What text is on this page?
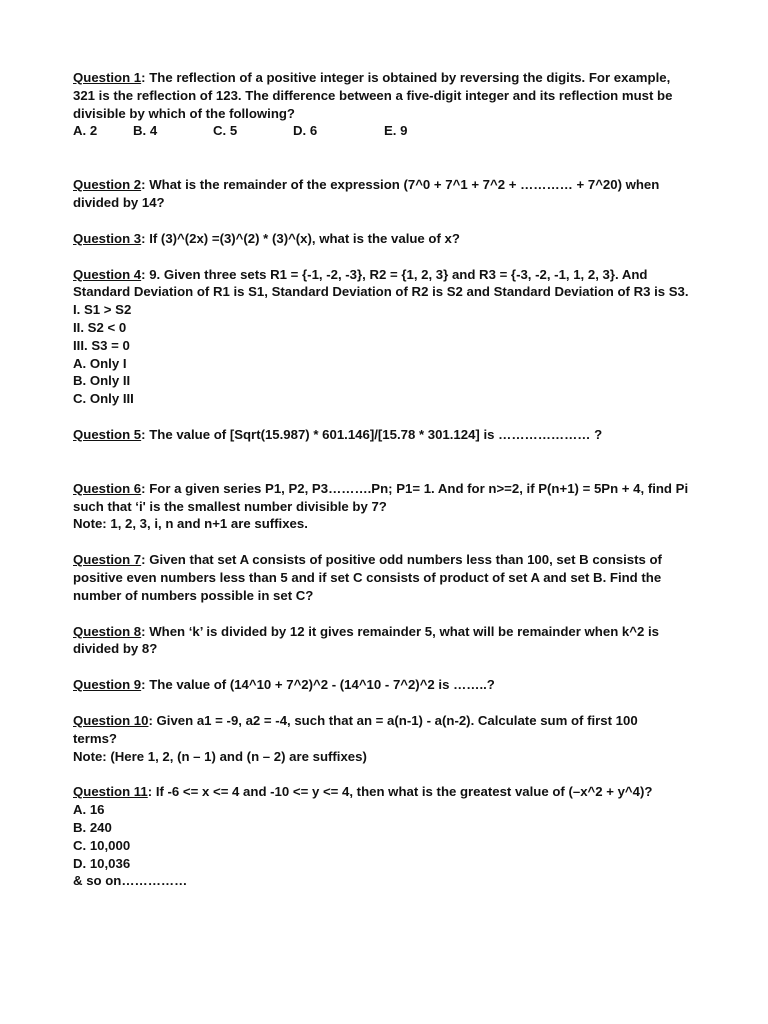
Question 1: The reflection of a positive integer is obtained by reversing the digits. For example,
321 is the reflection of 123. The difference between a five-digit integer and its reflection must be
divisible by which of the following?
A. 2	B. 4	C. 5	D. 6	E. 9
Question 2: What is the remainder of the expression (7^0 + 7^1 + 7^2 + ………… + 7^20) when
divided by 14?
Question 3: If (3)^(2x) =(3)^(2) * (3)^(x), what is the value of x?
Question 4: 9. Given three sets R1 = {-1, -2, -3}, R2 = {1, 2, 3} and R3 = {-3, -2, -1, 1, 2, 3}. And
Standard Deviation of R1 is S1, Standard Deviation of R2 is S2 and Standard Deviation of R3 is S3.
I. S1 > S2
II. S2 < 0
III. S3 = 0
A. Only I
B. Only II
C. Only III
Question 5: The value of [Sqrt(15.987) * 601.146]/[15.78 * 301.124] is ………………… ?
Question 6: For a given series P1, P2, P3……….Pn; P1= 1. And for n>=2, if P(n+1) = 5Pn + 4, find Pi
such that ‘i' is the smallest number divisible by 7?
Note: 1, 2, 3, i, n and n+1 are suffixes.
Question 7: Given that set A consists of positive odd numbers less than 100, set B consists of
positive even numbers less than 5 and if set C consists of product of set A and set B. Find the
number of numbers possible in set C?
Question 8: When ‘k’ is divided by 12 it gives remainder 5, what will be remainder when k^2 is
divided by 8?
Question 9: The value of (14^10 + 7^2)^2 - (14^10 - 7^2)^2 is ……..?
Question 10: Given a1 = -9, a2 = -4, such that an = a(n-1) - a(n-2). Calculate sum of first 100
terms?
Note: (Here 1, 2, (n – 1) and (n – 2) are suffixes)
Question 11: If -6 <= x <= 4 and -10 <= y <= 4, then what is the greatest value of (–x^2 + y^4)?
A. 16
B. 240
C. 10,000
D. 10,036
& so on……………
